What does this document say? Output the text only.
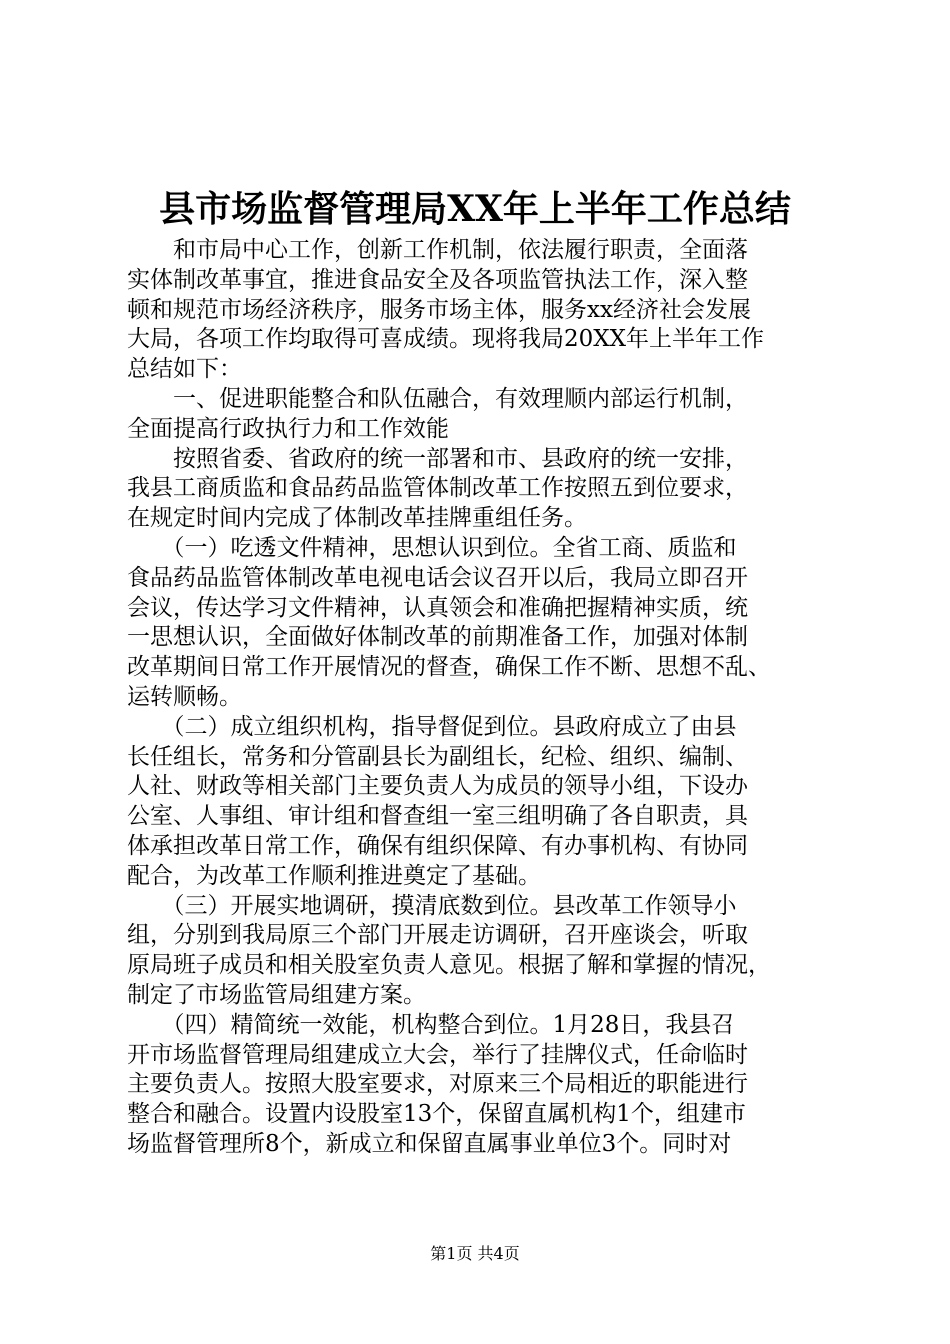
县市场监督管理局XX年上半年工作总结
　　和市局中心工作，创新工作机制，依法履行职责，全面落
实体制改革事宜，推进食品安全及各项监管执法工作，深入整
顿和规范市场经济秩序，服务市场主体，服务xx经济社会发展
大局，各项工作均取得可喜成绩。现将我局20XX年上半年工作
总结如下：
　　一、促进职能整合和队伍融合，有效理顺内部运行机制，
全面提高行政执行力和工作效能
　　按照省委、省政府的统一部署和市、县政府的统一安排，
我县工商质监和食品药品监管体制改革工作按照五到位要求，
在规定时间内完成了体制改革挂牌重组任务。
　　（一）吃透文件精神，思想认识到位。全省工商、质监和
食品药品监管体制改革电视电话会议召开以后，我局立即召开
会议，传达学习文件精神，认真领会和准确把握精神实质，统
一思想认识，全面做好体制改革的前期准备工作，加强对体制
改革期间日常工作开展情况的督查，确保工作不断、思想不乱、
运转顺畅。
　　（二）成立组织机构，指导督促到位。县政府成立了由县
长任组长，常务和分管副县长为副组长，纪检、组织、编制、
人社、财政等相关部门主要负责人为成员的领导小组，下设办
公室、人事组、审计组和督查组一室三组明确了各自职责，具
体承担改革日常工作，确保有组织保障、有办事机构、有协同
配合，为改革工作顺利推进奠定了基础。
　　（三）开展实地调研，摸清底数到位。县改革工作领导小
组，分别到我局原三个部门开展走访调研，召开座谈会，听取
原局班子成员和相关股室负责人意见。根据了解和掌握的情况，
制定了市场监管局组建方案。
　　（四）精简统一效能，机构整合到位。1月28日，我县召
开市场监督管理局组建成立大会，举行了挂牌仪式，任命临时
主要负责人。按照大股室要求，对原来三个局相近的职能进行
整合和融合。设置内设股室13个，保留直属机构1个，组建市
场监督管理所8个，新成立和保留直属事业单位3个。同时对
第1页 共4页
